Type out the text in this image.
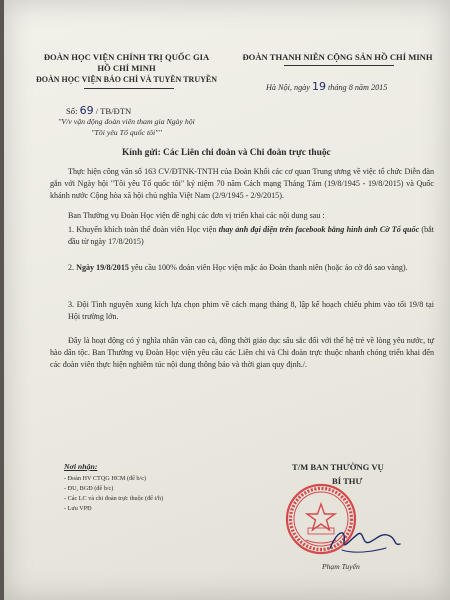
ĐOÀN HỌC VIỆN CHÍNH TRỊ QUỐC GIA
HỒ CHÍ MINH
ĐOÀN HỌC VIỆN BÁO CHÍ VÀ TUYÊN TRUYỀN
ĐOÀN THANH NIÊN CỘNG SẢN HỒ CHÍ MINH
Hà Nội, ngày 19 tháng 8 năm 2015
Số: 69 / TB/ĐTN
"V/v vận động đoàn viên tham gia Ngày hội
"Tôi yêu Tổ quốc tôi""
Kính gửi: Các Liên chi đoàn và Chi đoàn trực thuộc
Thực hiện công văn số 163 CV/ĐTNK-TNTH của Đoàn Khối các cơ quan Trung ương về việc tổ chức Diễn đàn gắn với Ngày hội "Tôi yêu Tổ quốc tôi" kỷ niệm 70 năm Cách mạng Tháng Tám (19/8/1945 - 19/8/2015) và Quốc khánh nước Cộng hòa xã hội chủ nghĩa Việt Nam (2/9/1945 - 2/9/2015).
Ban Thường vụ Đoàn Học viện đề nghị các đơn vị triển khai các nội dung sau :
1. Khuyến khích toàn thể đoàn viên Học viện thay ảnh đại diện trên facebook bằng hình ảnh Cờ Tổ quốc (bắt đầu từ ngày 17/8/2015)
2. Ngày 19/8/2015 yêu cầu 100% đoàn viên Học viện mặc áo Đoàn thanh niên (hoặc áo cờ đỏ sao vàng).
3. Đội Tình nguyện xung kích lựa chọn phim về cách mạng tháng 8, lập kế hoạch chiếu phim vào tối 19/8 tại Hội trường lớn.
Đây là hoạt động có ý nghĩa nhân văn cao cả, đồng thời giáo dục sâu sắc đối với thế hệ trẻ về lòng yêu nước, tự hào dân tộc. Ban Thường vụ Đoàn Học viện yêu cầu các Liên chi và Chi đoàn trực thuộc nhanh chóng triển khai đến các đoàn viên thực hiện nghiêm túc nội dung thông báo và thời gian quy định./.
Nơi nhận:
- Đoàn HV CTQG HCM (để b/c)
- ĐU, BGĐ (để b/c)
- Các LC và chi đoàn trực thuộc (để t/h)
- Lưu VPĐ
T/M BAN THƯỜNG VỤ
BÍ THƯ
Phạm Tuyến
